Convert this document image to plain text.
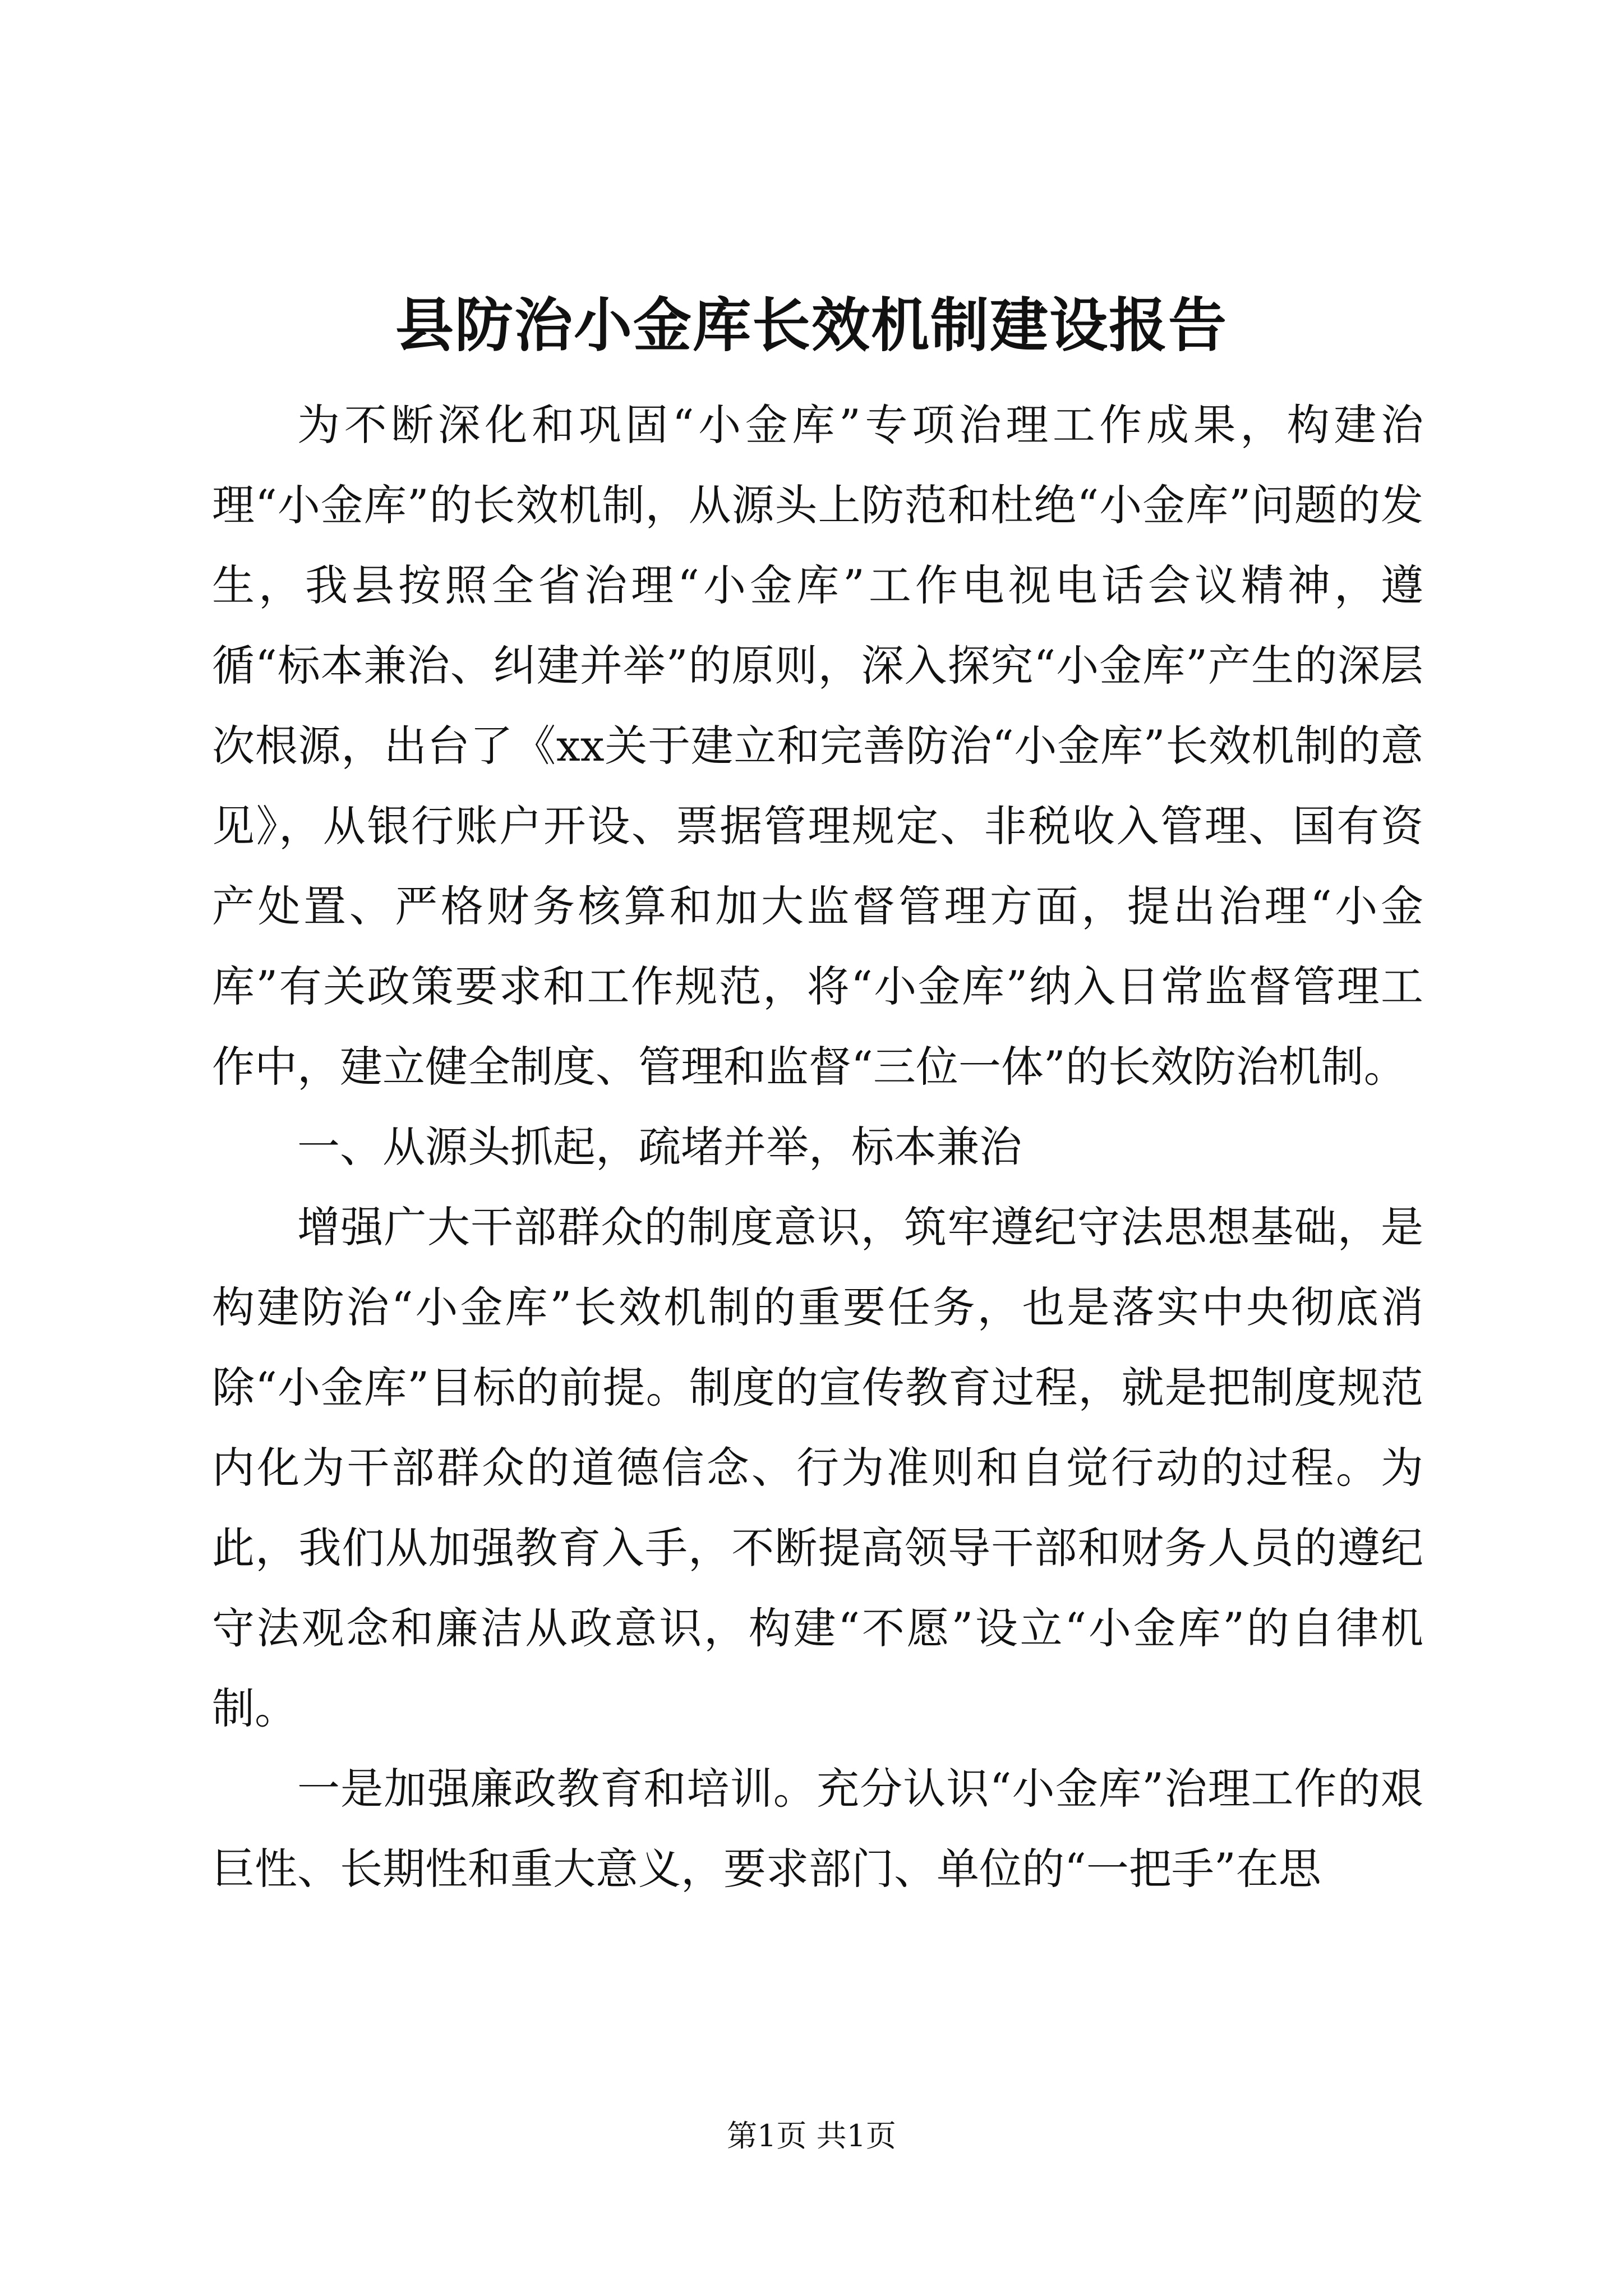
县防治小金库长效机制建设报告

为不断深化和巩固“小金库”专项治理工作成果，构建治理“小金库”的长效机制，从源头上防范和杜绝“小金库”问题的发生，我县按照全省治理“小金库”工作电视电话会议精神，遵循“标本兼治、纠建并举”的原则，深入探究“小金库”产生的深层次根源，出台了《xx关于建立和完善防治“小金库”长效机制的意见》，从银行账户开设、票据管理规定、非税收入管理、国有资产处置、严格财务核算和加大监督管理方面，提出治理“小金库”有关政策要求和工作规范，将“小金库”纳入日常监督管理工作中，建立健全制度、管理和监督“三位一体”的长效防治机制。

一、从源头抓起，疏堵并举，标本兼治

增强广大干部群众的制度意识，筑牢遵纪守法思想基础，是构建防治“小金库”长效机制的重要任务，也是落实中央彻底消除“小金库”目标的前提。制度的宣传教育过程，就是把制度规范内化为干部群众的道德信念、行为准则和自觉行动的过程。为此，我们从加强教育入手，不断提高领导干部和财务人员的遵纪守法观念和廉洁从政意识，构建“不愿”设立“小金库”的自律机制。

一是加强廉政教育和培训。充分认识“小金库”治理工作的艰巨性、长期性和重大意义，要求部门、单位的“一把手”在思

第1页 共1页
